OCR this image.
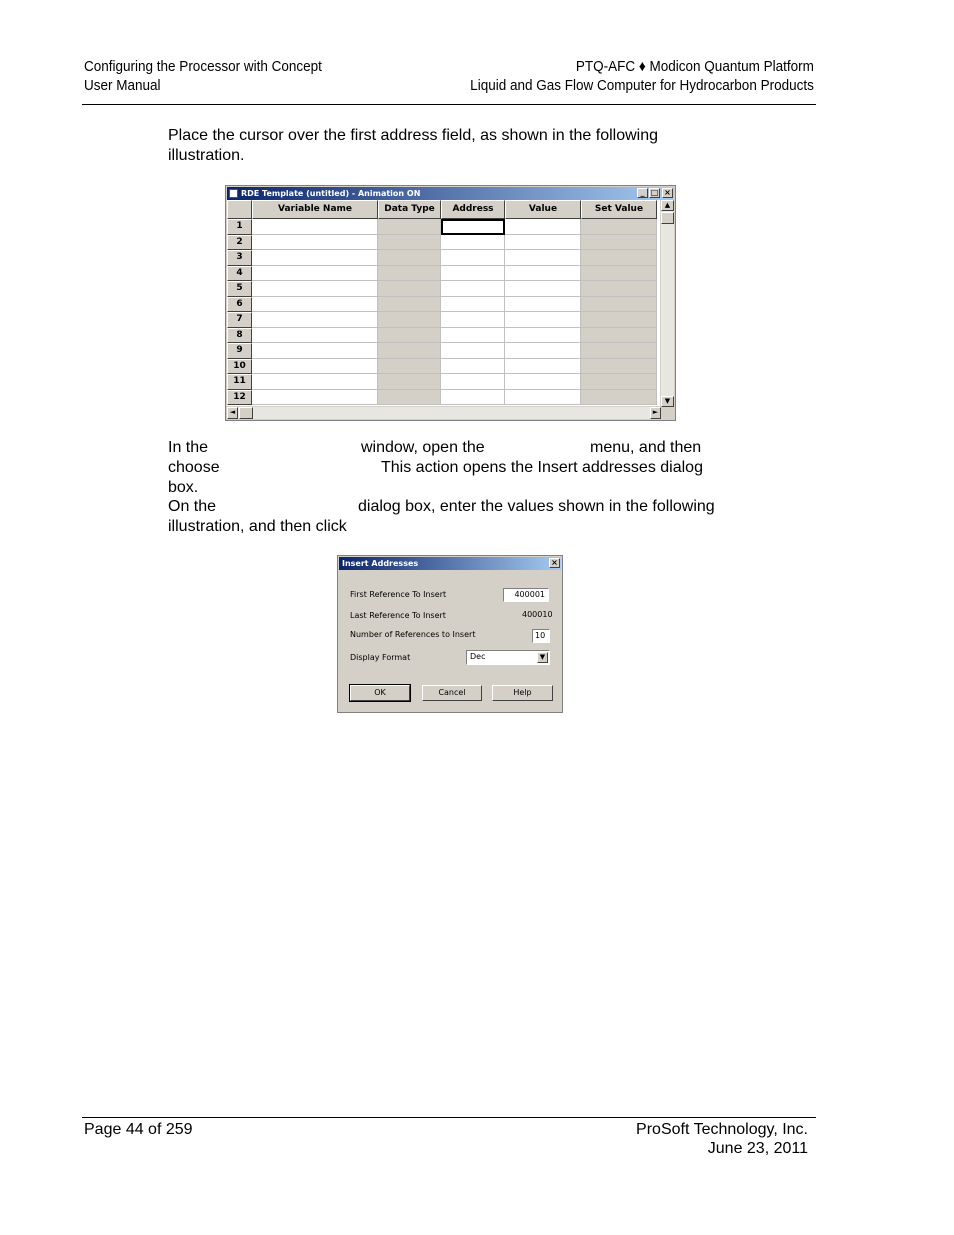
Configuring the Processor with Concept
User Manual
PTQ-AFC ♦ Modicon Quantum Platform
Liquid and Gas Flow Computer for Hydrocarbon Products
Place the cursor over the first address field, as shown in the following
illustration.
RDE Template (untitled) - Animation ON	_ □ ×
Variable Name	Data Type	Address	Value	Set Value
1
2
3
4
5
6
7
8
9
10
11
12
▲
▼
◄	►
In the	window, open the	menu, and then
choose	This action opens the Insert addresses dialog
box.
On the	dialog box, enter the values shown in the following
illustration, and then click
Insert Addresses	×
First Reference To Insert	400001
Last Reference To Insert	400010
Number of References to Insert	10
Display Format	Dec	▼
OK	Cancel	Help
Page 44 of 259	ProSoft Technology, Inc.
June 23, 2011
